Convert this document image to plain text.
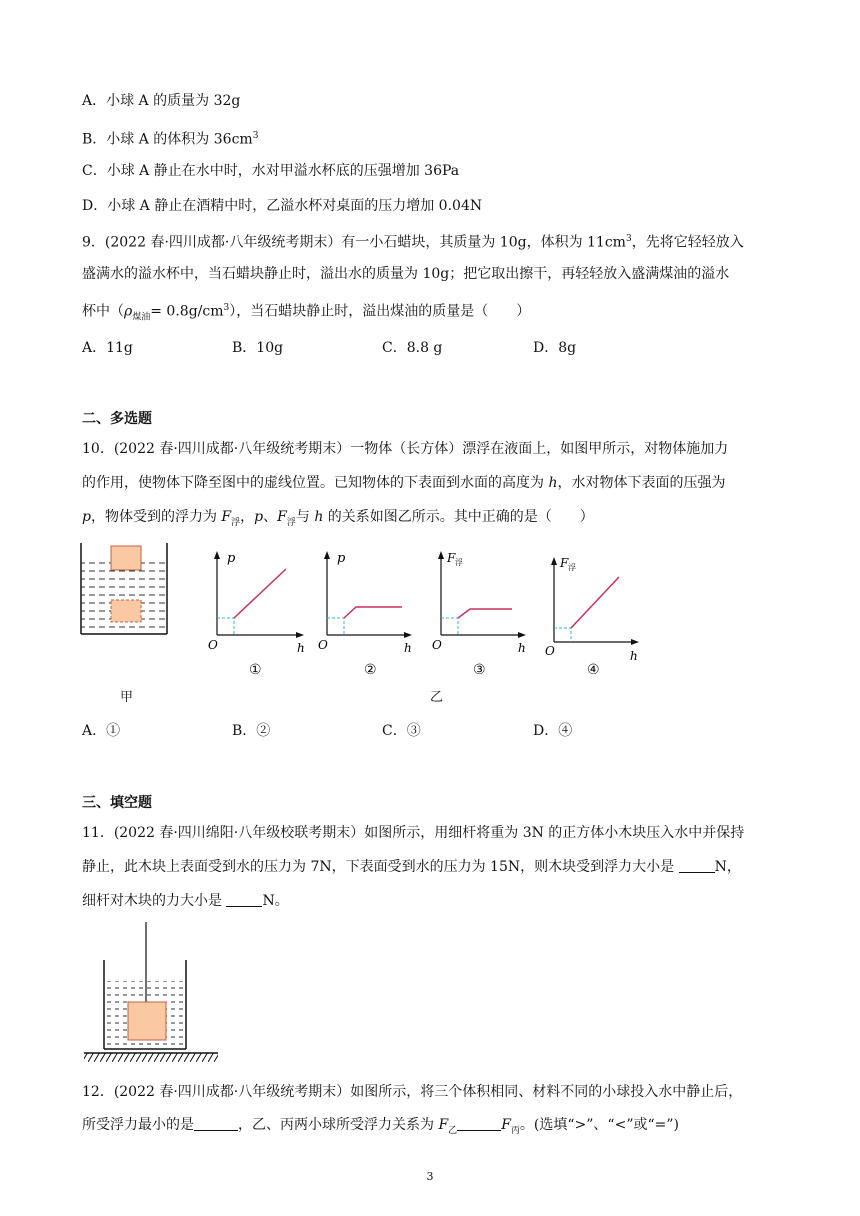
A．小球 A 的质量为 32g
B．小球 A 的体积为 $36cm^3$
C．小球 A 静止在水中时，水对甲溢水杯底的压强增加 36Pa
D．小球 A 静止在酒精中时，乙溢水杯对桌面的压力增加 0.04N
9．(2022 春·四川成都·八年级统考期末）有一小石蜡块，其质量为 10g，体积为 $11cm^3$，先将它轻轻放入
盛满水的溢水杯中，当石蜡块静止时，溢出水的质量为 10g；把它取出擦干，再轻轻放入盛满煤油的溢水
杯中$(\rho_{煤油}= 0.8g/cm^3)$，当石蜡块静止时，溢出煤油的质量是（　　）
A．11g	B．10g	C．8.8 g	D．8g
二、多选题
10．(2022 春·四川成都·八年级统考期末）一物体（长方体）漂浮在液面上，如图甲所示，对物体施加力
的作用，使物体下降至图中的虚线位置。已知物体的下表面到水面的高度为 h，水对物体下表面的压强为
p，物体受到的浮力为 $F_浮$，p、$F_浮$与 h 的关系如图乙所示。其中正确的是（　　）
p
O	h
p
O	h
F 浮
O	h
F 浮
O	h
①	②	③	④
甲	乙
A．①	B．②	C．③	D．④
三、填空题
11．(2022 春·四川绵阳·八年级校联考期末）如图所示，用细杆将重为 3N 的正方体小木块压入水中并保持
静止，此木块上表面受到水的压力为 7N，下表面受到水的压力为 15N，则木块受到浮力大小是	N，
细杆对木块的力大小是	N。
12．(2022 春·四川成都·八年级统考期末）如图所示，将三个体积相同、材料不同的小球投入水中静止后，
所受浮力最小的是	，乙、丙两小球所受浮力关系为 $F_乙$	$F_丙$。(选填“>”、“<”或“=”)
3
